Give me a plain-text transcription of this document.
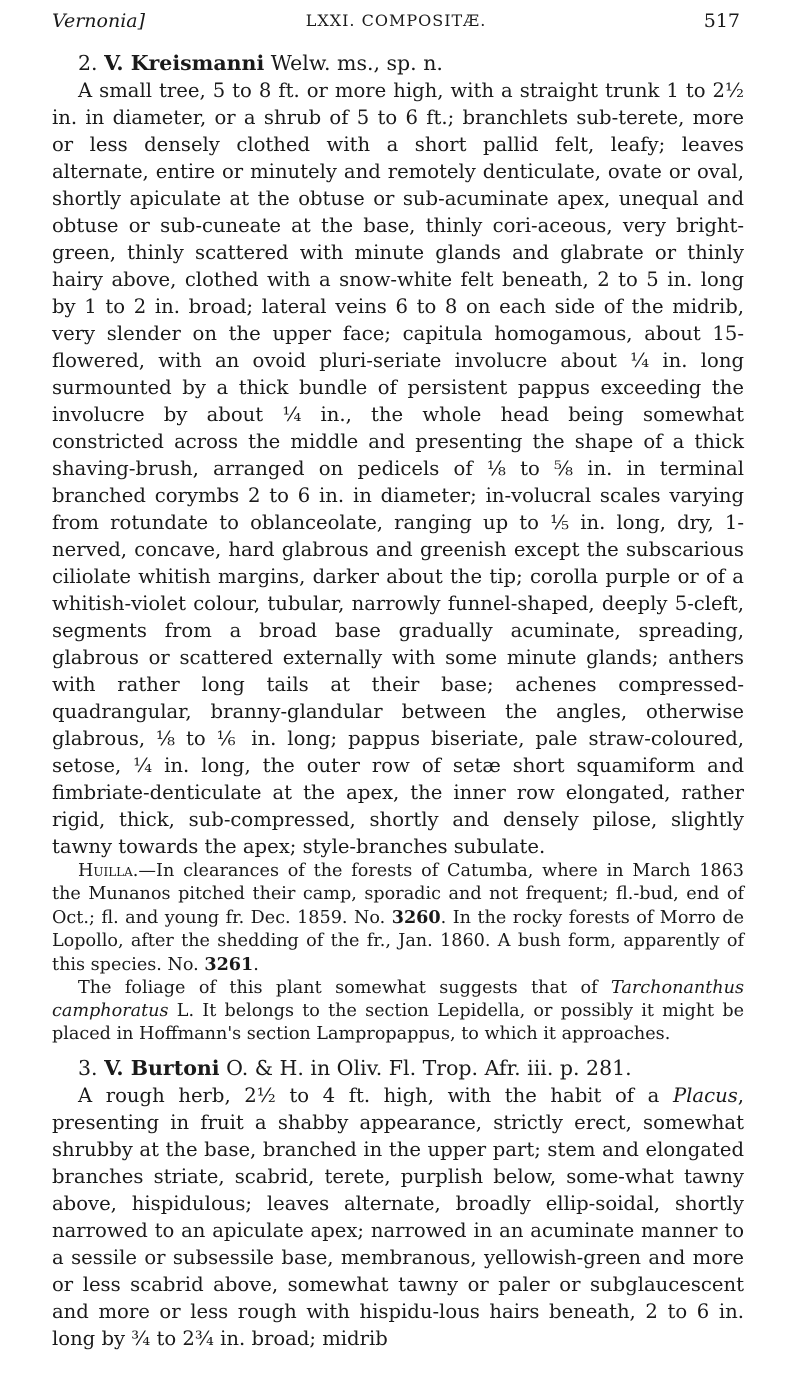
Vernonia]	LXXI. COMPOSITÆ.	517

2. V. Kreismanni Welw. ms., sp. n.

A small tree, 5 to 8 ft. or more high, with a straight trunk 1 to 2½ in. in diameter, or a shrub of 5 to 6 ft.; branchlets sub-terete, more or less densely clothed with a short pallid felt, leafy; leaves alternate, entire or minutely and remotely denticulate, ovate or oval, shortly apiculate at the obtuse or sub-acuminate apex, unequal and obtuse or sub-cuneate at the base, thinly cori-aceous, very bright-green, thinly scattered with minute glands and glabrate or thinly hairy above, clothed with a snow-white felt beneath, 2 to 5 in. long by 1 to 2 in. broad; lateral veins 6 to 8 on each side of the midrib, very slender on the upper face; capitula homogamous, about 15-flowered, with an ovoid pluri-seriate involucre about ¼ in. long surmounted by a thick bundle of persistent pappus exceeding the involucre by about ¼ in., the whole head being somewhat constricted across the middle and presenting the shape of a thick shaving-brush, arranged on pedicels of ⅛ to ⅝ in. in terminal branched corymbs 2 to 6 in. in diameter; in-volucral scales varying from rotundate to oblanceolate, ranging up to ⅕ in. long, dry, 1-nerved, concave, hard glabrous and greenish except the subscarious ciliolate whitish margins, darker about the tip; corolla purple or of a whitish-violet colour, tubular, narrowly funnel-shaped, deeply 5-cleft, segments from a broad base gradually acuminate, spreading, glabrous or scattered externally with some minute glands; anthers with rather long tails at their base; achenes compressed-quadrangular, branny-glandular between the angles, otherwise glabrous, ⅛ to ⅙ in. long; pappus biseriate, pale straw-coloured, setose, ¼ in. long, the outer row of setæ short squamiform and fimbriate-denticulate at the apex, the inner row elongated, rather rigid, thick, sub-compressed, shortly and densely pilose, slightly tawny towards the apex; style-branches subulate.

Huilla.—In clearances of the forests of Catumba, where in March 1863 the Munanos pitched their camp, sporadic and not frequent; fl.-bud, end of Oct.; fl. and young fr. Dec. 1859. No. 3260. In the rocky forests of Morro de Lopollo, after the shedding of the fr., Jan. 1860. A bush form, apparently of this species. No. 3261.

The foliage of this plant somewhat suggests that of Tarchonanthus camphoratus L. It belongs to the section Lepidella, or possibly it might be placed in Hoffmann's section Lampropappus, to which it approaches.

3. V. Burtoni O. & H. in Oliv. Fl. Trop. Afr. iii. p. 281.

A rough herb, 2½ to 4 ft. high, with the habit of a Placus, presenting in fruit a shabby appearance, strictly erect, somewhat shrubby at the base, branched in the upper part; stem and elongated branches striate, scabrid, terete, purplish below, some-what tawny above, hispidulous; leaves alternate, broadly ellip-soidal, shortly narrowed to an apiculate apex; narrowed in an acuminate manner to a sessile or subsessile base, membranous, yellowish-green and more or less scabrid above, somewhat tawny or paler or subglaucescent and more or less rough with hispidu-lous hairs beneath, 2 to 6 in. long by ¾ to 2¾ in. broad; midrib
